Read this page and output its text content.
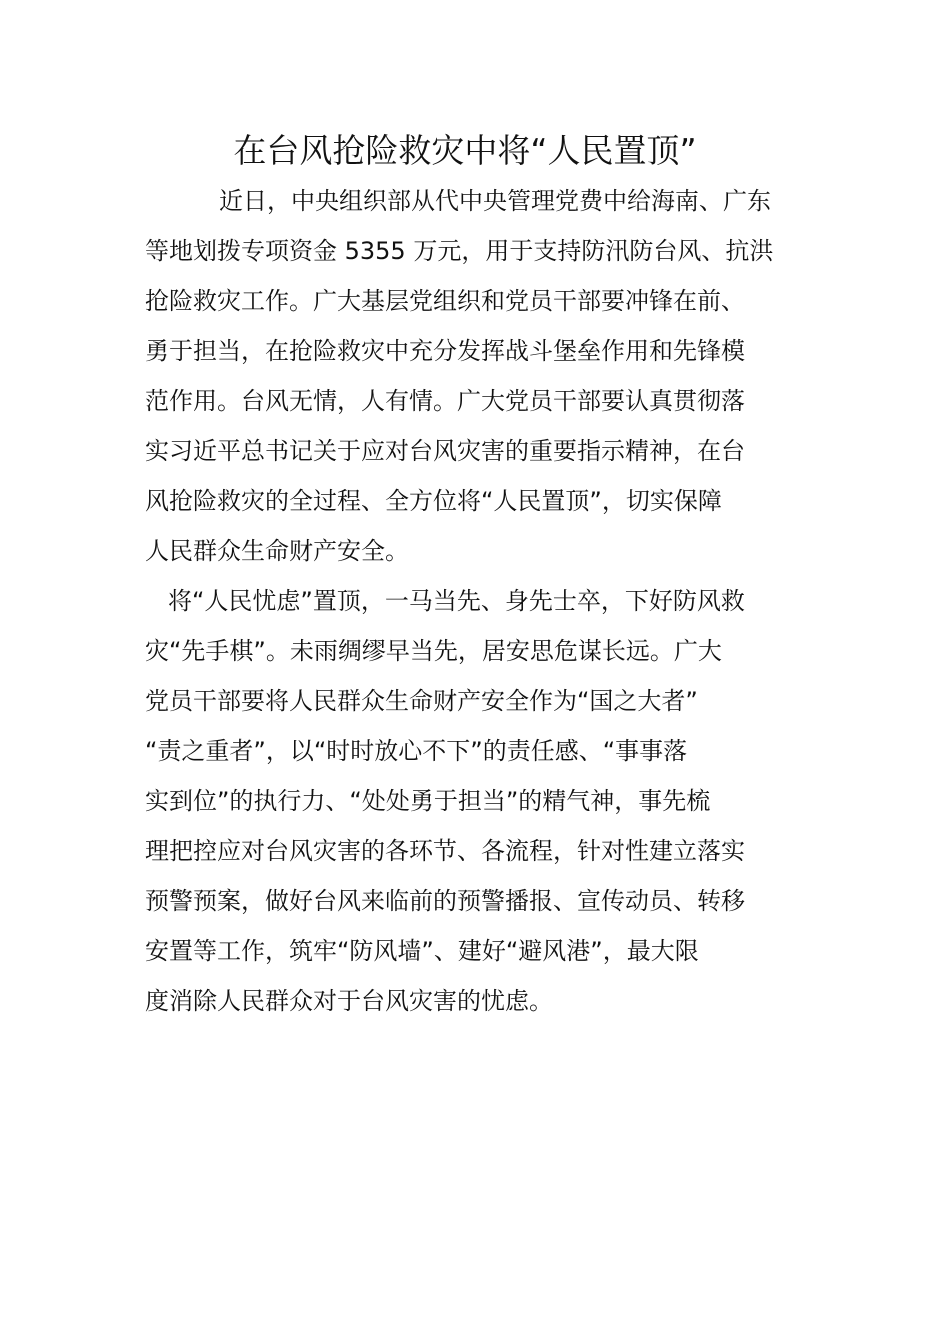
在台风抢险救灾中将“人民置顶”
近日，中央组织部从代中央管理党费中给海南、广东
等地划拨专项资金 5355 万元，用于支持防汛防台风、抗洪
抢险救灾工作。广大基层党组织和党员干部要冲锋在前、
勇于担当，在抢险救灾中充分发挥战斗堡垒作用和先锋模
范作用。台风无情，人有情。广大党员干部要认真贯彻落
实习近平总书记关于应对台风灾害的重要指示精神，在台
风抢险救灾的全过程、全方位将“人民置顶”，切实保障
人民群众生命财产安全。
将“人民忧虑”置顶，一马当先、身先士卒，下好防风救
灾“先手棋”。未雨绸缪早当先，居安思危谋长远。广大
党员干部要将人民群众生命财产安全作为“国之大者”
“责之重者”，以“时时放心不下”的责任感、“事事落
实到位”的执行力、“处处勇于担当”的精气神，事先梳
理把控应对台风灾害的各环节、各流程，针对性建立落实
预警预案，做好台风来临前的预警播报、宣传动员、转移
安置等工作，筑牢“防风墙”、建好“避风港”，最大限
度消除人民群众对于台风灾害的忧虑。
